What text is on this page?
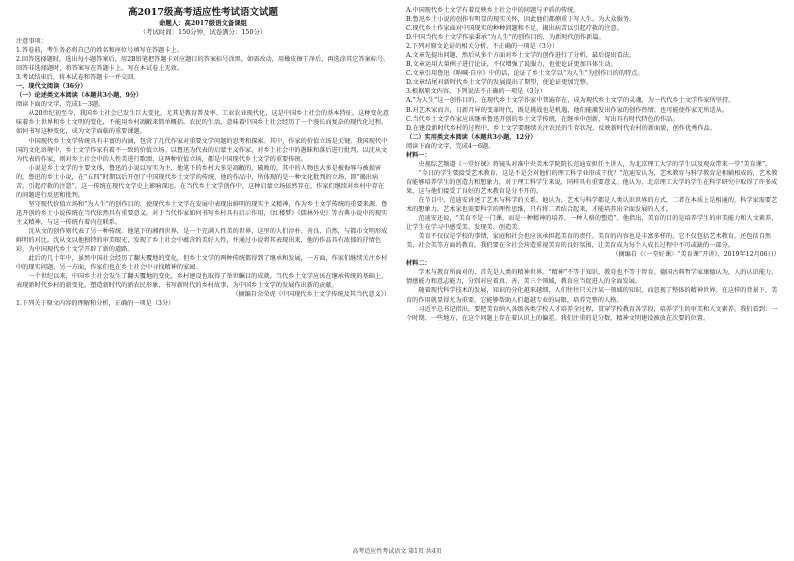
高2017级高考适应性考试语文试题
命题人：高2017级语文备课组
（考试时间：150分钟，试卷满分：150分）

注意事项：

1.答卷前，考生务必将自己的姓名和座位号填写在答题卡上。

2.回答选择题时，选出每小题答案后，用2B铅笔把答题卡对应题目的答案标号涂黑。如需改动，用橡皮擦干净后，再选涂其它答案标号。回答非选择题时，将答案写在答题卡上。写在本试卷上无效。

3.考试结束后，将本试卷和答题卡一并交回。

一、现代文阅读（36分）

（一）论述类文本阅读（本题共3小题，9分）

阅读下面的文字，完成1～3题。

从20世纪初至今，我国乡土社会已发生巨大变化，尤其是教育普及率、工业农业现代化，这是中国乡土社会的基本特征。这种变化意味着乡土世界和乡土文明的变化，不能用乡村凋敝来简单概括。农民的生活，意味着中国乡土社会经历了一个漫长而复杂的现代化过程，如何书写这种变化，成为文学面临的重要课题。

中国现代乡土文学传统具有丰富的内涵，包含了几代作家对重要文学问题的思考和探索。其中，作家的价值立场是关键。我国现代中国的文化语境中，乡土文学作家有着不一致的价值立场。以鲁迅为代表的启蒙主义作家，对乡土社会中的愚昧和落后进行批判，以沈从文为代表的作家，则对乡土社会中的人性美进行歌颂，这两种价值立场，都是中国现代乡土文学的重要传统。

小说是乡土文学的主要文体，鲁迅的小说以写实为主，他笔下的乡村大多是凋敝的、破败的，其中的人物也大多是被侮辱与被损害的，鲁迅的乡土小说，在“五四”时期以后开创了中国现代乡土文学的传统，他的作品中，所体现的是一种文化批判的立场，即“揭出病苦，引起疗救的注意”，这一传统在现代文学史上影响深远。在当代乡土文学创作中，这种启蒙立场依然存在，作家们继续对乡村中存在的问题进行反思和批判。

坚守现代价值立场和“为人生”的创作目的，使现代乡土文学在发展中表现出鲜明的现实主义精神，作为乡土文学传统的重要来源，鲁迅开创的乡土小说传统在当代依然具有重要意义，对于当代作家如何书写乡村具有启示作用，《红楼梦》《儒林外史》等古典小说中的现实主义精神，与这一传统有着内在联系。

沈从文的创作则代表了另一种传统。他笔下的湘西世界，是一个充满人性美的世界，这里的人们淳朴、善良、自然，与都市文明形成鲜明的对比。沈从文以他独特的审美眼光，发现了乡土社会中蕴含的美好人性，并通过小说将其表现出来，他的作品具有浓郁的抒情色彩，为中国现代乡土文学开辟了新的道路。

此后的几十年中，虽然中国社会经历了翻天覆地的变化，但乡土文学的两种传统都得到了继承和发展，一方面，作家们继续关注乡村中的现实问题，另一方面，作家们也在乡土社会中寻找精神的家园。

一个世纪以来，中国乡土社会发生了翻天覆地的变化，乡村建设也取得了举世瞩目的成就。当代乡土文学应该在继承传统的基础上，表现新时代乡村的新变化，塑造新时代的新农民形象，书写新时代的乡村故事，为中国乡土文学的发展作出新的贡献。

（摘编自余荣虎《中国现代乡土文学传统及其当代意义》）

1.下列关于原文内容的理解和分析，正确的一项是（3分）

A.中国现代乡土文学有着反映乡土社会中的问题与矛盾的传统。

B.鲁迅乡土小说的创作有明显的现实关怀，因此他们都侧重于写人生，为大众服务。

C.现代乡土作家面对中国现实的种种问题和不足，揭出病苦以引起疗救的注意。

D.中国当代乡土文学作家秉承“为人生”的创作目的，为新时代创作新篇。

2.下列对原文论证的相关分析，不正确的一项是（3分）

A.文章先提出问题，然后从多个方面对乡土文学的创作进行了分析，最后提出看法。

B.文章运用大量例子进行论证，不仅增强了说服力，也使论证更加具体生动。

C.文章引用鲁迅《呐喊·自序》中的话，论证了乡土文学以“为人生”为创作目的的特点。

D.文章结尾对新时代乡土文学的发展提出了期望，使论证更加完整。

3.根据原文内容，下列说法不正确的一项是（3分）

A.“为人生”这一创作目的，在现代乡土文学作家中普遍存在，成为现代乡土文学的灵魂，为一代代乡土文学作家所坚持。

B.对艺术家而言，日新月异的变革时代，既是挑战也是机遇，他们能激发出作家的创作热情，也可能使作家无所适从。

C.当代乡土文学作家应该继承鲁迅开创的乡土文学传统，在继承中创新，写出具有时代特色的作品。

D.在建设新时代乡村的过程中，乡土文学要继续关注农民的生存状况，反映新时代农村的新面貌，创作优秀作品。

（二）实用类文本阅读（本题共3小题，12分）

阅读下面的文字，完成4～6题。

材料一：

央视综艺频道《一堂好课》将镜头对准中央美术学院院长范迪安担任主讲人，为北京理工大学的学生以及观众带来一堂“美育课”。

“今日的学生要接受艺术教育，这是不是会对他们的理工科学业形成干扰？”范迪安认为，艺术教育与科学教育是相辅相成的，艺术教育能够培养学生的创造力和想象力，对于理工科学生来说，同样具有重要意义。他认为，北京理工大学的学生在科学研究中取得了许多成果，这与他们接受了良好的艺术教育是分不开的。

在节目中，范迪安讲述了艺术与科学的关系，他认为，艺术与科学都是人类认识世界的方式，二者在本质上是相通的，科学家需要艺术的想象力，艺术家也需要科学的理性思维，只有将二者结合起来，才能培养出全面发展的人才。

范迪安还说，“美育不是一门课，而是一种精神的培养，一种人格的塑造”。他指出，美育的目的是培养学生的审美能力和人文素养，让学生在学习中感受美、发现美、创造美。

美育不仅仅是学校的事情，家庭和社会也应该承担起美育的责任。美育的内容也是丰富多样的，它不仅包括艺术教育，还包括自然美、社会美等方面的教育。我们要在全社会营造重视美育的良好氛围，让美育成为每个人成长过程中不可或缺的一部分。

（摘编自《〈一堂好课〉“美育课”开讲》，2019年12月06日）

材料二：

学术与教育所面对的，首先是人类的精神世界。“精神”不等于知识，教育也不等于智育。德国古典哲学家康德认为，人的认识能力、情感能力和意志能力，分别对应着真、善、美三个领域，教育应当促进人的全面发展。

随着现代科学技术的发展，知识的分化越来越细，人们往往只关注某一领域的知识，而忽视了整体的精神世界。在这样的背景下，美育的作用就显得尤为重要，它能够帮助人们超越专业的局限，培养完整的人格。

习近平总书记指出，要把美育纳入各级各类学校人才培养全过程，贯穿学校教育各学段，培养学生的审美和人文素养。我们看到：一个时期、一些地方，在这个问题上存在着认识上的偏差。我们注重的是分数，精神文明建设被放在次要的位置。

高考适应性考试语文 第1页 共4页
